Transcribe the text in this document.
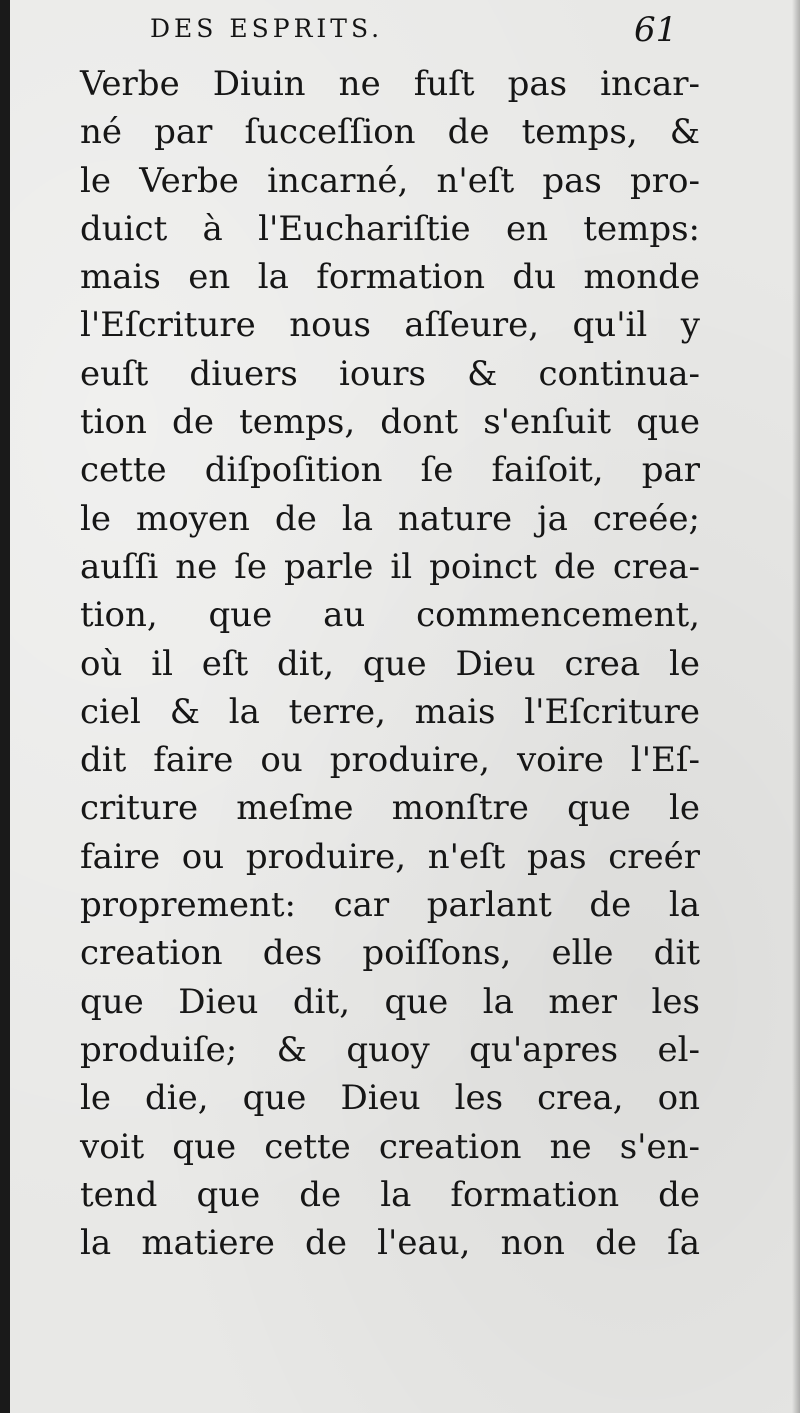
DES ESPRITS.	61
Verbe Diuin ne fuſt pas incar-
né par ſucceſſion de temps, &
le Verbe incarné, n'eſt pas pro-
duict à l'Euchariſtie en temps:
mais en la formation du monde
l'Eſcriture nous aſſeure, qu'il y
euſt diuers iours & continua-
tion de temps, dont s'enſuit que
cette diſpoſition ſe faiſoit, par
le moyen de la nature ja creée;
auſſi ne ſe parle il poinct de crea-
tion, que au commencement,
où il eſt dit, que Dieu crea le
ciel & la terre, mais l'Eſcriture
dit faire ou produire, voire l'Eſ-
criture meſme monſtre que le
faire ou produire, n'eſt pas creér
proprement: car parlant de la
creation des poiſſons, elle dit
que Dieu dit, que la mer les
produiſe; & quoy qu'apres el-
le die, que Dieu les crea, on
voit que cette creation ne s'en-
tend que de la formation de
la matiere de l'eau, non de ſa
